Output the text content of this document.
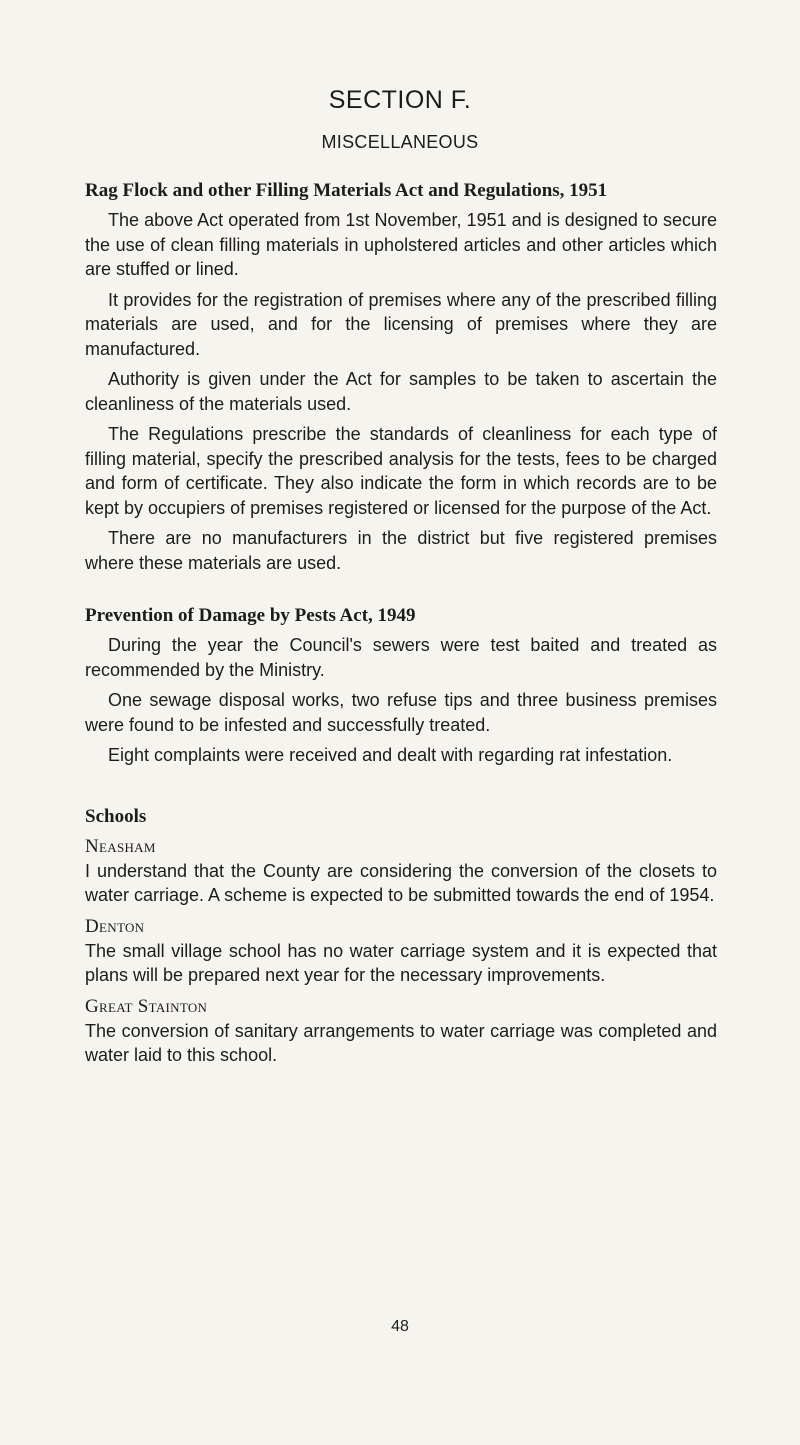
SECTION F.
MISCELLANEOUS
Rag Flock and other Filling Materials Act and Regulations, 1951

The above Act operated from 1st November, 1951 and is designed to secure the use of clean filling materials in upholstered articles and other articles which are stuffed or lined.

It provides for the registration of premises where any of the prescribed filling materials are used, and for the licensing of premises where they are manufactured.

Authority is given under the Act for samples to be taken to ascertain the cleanliness of the materials used.

The Regulations prescribe the standards of cleanliness for each type of filling material, specify the prescribed analysis for the tests, fees to be charged and form of certificate. They also indicate the form in which records are to be kept by occupiers of premises registered or licensed for the purpose of the Act.

There are no manufacturers in the district but five registered premises where these materials are used.

Prevention of Damage by Pests Act, 1949

During the year the Council's sewers were test baited and treated as recommended by the Ministry.

One sewage disposal works, two refuse tips and three business premises were found to be infested and successfully treated.

Eight complaints were received and dealt with regarding rat infestation.

Schools
Neasham

I understand that the County are considering the conversion of the closets to water carriage. A scheme is expected to be submitted towards the end of 1954.

Denton

The small village school has no water carriage system and it is expected that plans will be prepared next year for the necessary improvements.

Great Stainton

The conversion of sanitary arrangements to water carriage was completed and water laid to this school.

48
